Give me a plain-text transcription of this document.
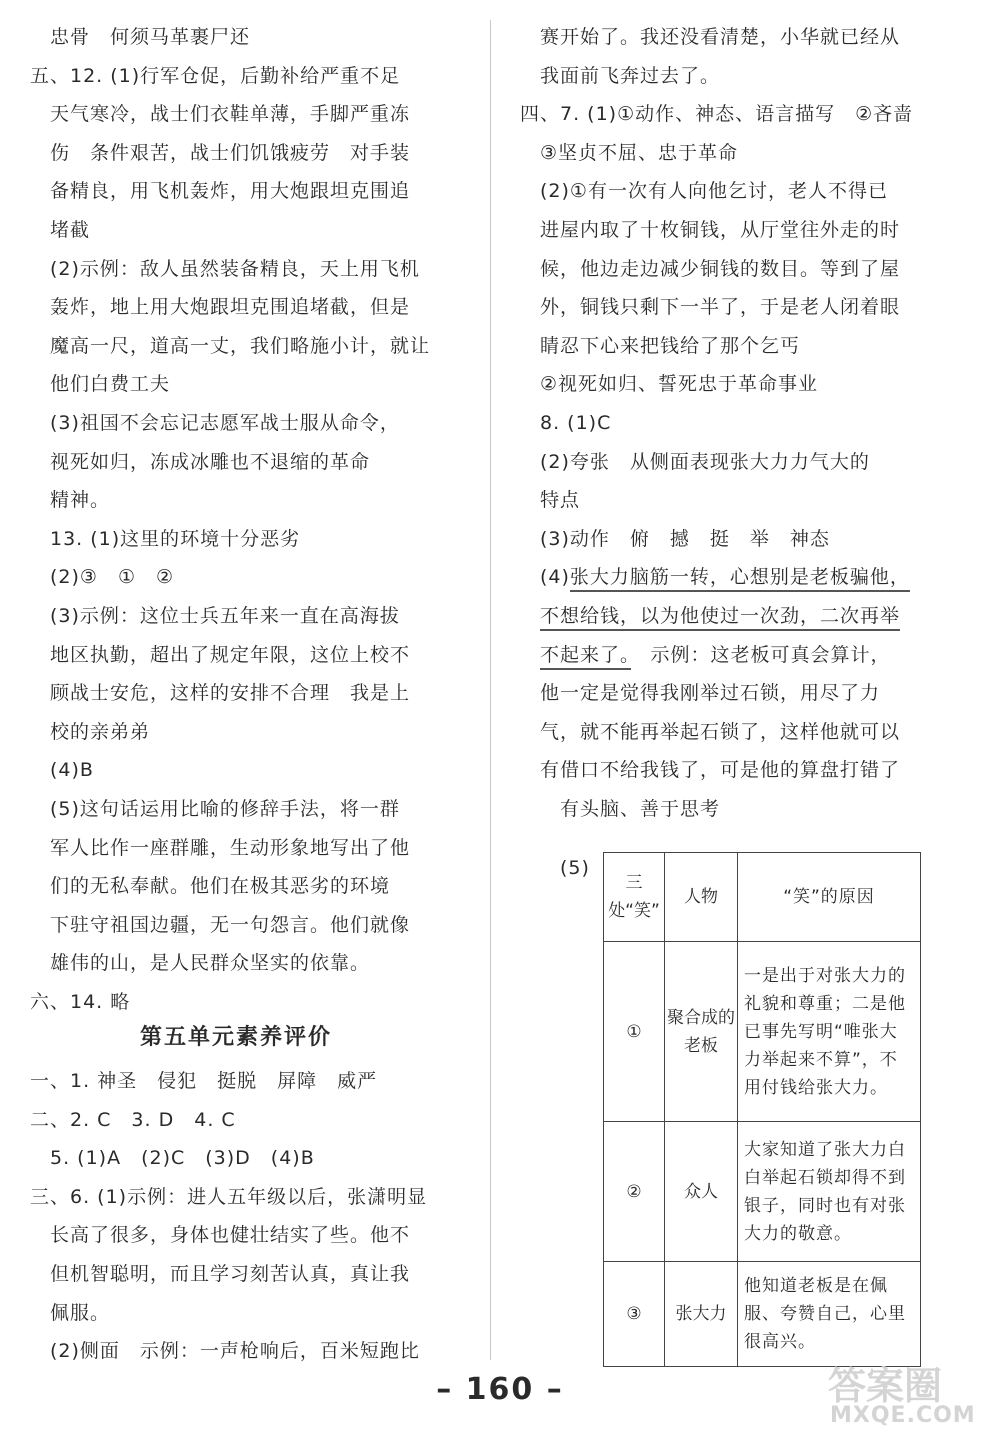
　忠骨　何须马革裹尸还
五、12. (1)行军仓促，后勤补给严重不足
　天气寒冷，战士们衣鞋单薄，手脚严重冻
　伤　条件艰苦，战士们饥饿疲劳　对手装
　备精良，用飞机轰炸，用大炮跟坦克围追
　堵截
　(2)示例：敌人虽然装备精良，天上用飞机
　轰炸，地上用大炮跟坦克围追堵截，但是
　魔高一尺，道高一丈，我们略施小计，就让
　他们白费工夫
　(3)祖国不会忘记志愿军战士服从命令，
　视死如归，冻成冰雕也不退缩的革命
　精神。
　13. (1)这里的环境十分恶劣
　(2)③　①　②
　(3)示例：这位士兵五年来一直在高海拔
　地区执勤，超出了规定年限，这位上校不
　顾战士安危，这样的安排不合理　我是上
　校的亲弟弟
　(4)B
　(5)这句话运用比喻的修辞手法，将一群
　军人比作一座群雕，生动形象地写出了他
　们的无私奉献。他们在极其恶劣的环境
　下驻守祖国边疆，无一句怨言。他们就像
　雄伟的山，是人民群众坚实的依靠。
六、14. 略
第五单元素养评价
一、1. 神圣　侵犯　挺脱　屏障　威严
二、2. C　3. D　4. C
　5. (1)A　(2)C　(3)D　(4)B
三、6. (1)示例：进人五年级以后，张潇明显
　长高了很多，身体也健壮结实了些。他不
　但机智聪明，而且学习刻苦认真，真让我
　佩服。
　(2)侧面　示例：一声枪响后，百米短跑比
　赛开始了。我还没看清楚，小华就已经从
　我面前飞奔过去了。
四、7. (1)①动作、神态、语言描写　②吝啬
　③坚贞不屈、忠于革命
　(2)①有一次有人向他乞讨，老人不得已
　进屋内取了十枚铜钱，从厅堂往外走的时
　候，他边走边减少铜钱的数目。等到了屋
　外，铜钱只剩下一半了，于是老人闭着眼
　睛忍下心来把钱给了那个乞丐
　②视死如归、誓死忠于革命事业
　8. (1)C
　(2)夸张　从侧面表现张大力力气大的
　特点
　(3)动作　俯　撼　挺　举　神态
　(4)张大力脑筋一转，心想别是老板骗他，
　不想给钱，以为他使过一次劲，二次再举
　不起来了。　示例：这老板可真会算计，
　他一定是觉得我刚举过石锁，用尽了力
　气，就不能再举起石锁了，这样他就可以
　有借口不给我钱了，可是他的算盘打错了
　　有头脑、善于思考
(5)
三处“笑”	人物	“笑”的原因
①	聚合成的老板	一是出于对张大力的礼貌和尊重；二是他已事先写明“唯张大力举起来不算”，不用付钱给张大力。
②	众人	大家知道了张大力白白举起石锁却得不到银子，同时也有对张大力的敬意。
③	张大力	他知道老板是在佩服、夸赞自己，心里很高兴。
– 160 –	答案圈
MXQE.COM
